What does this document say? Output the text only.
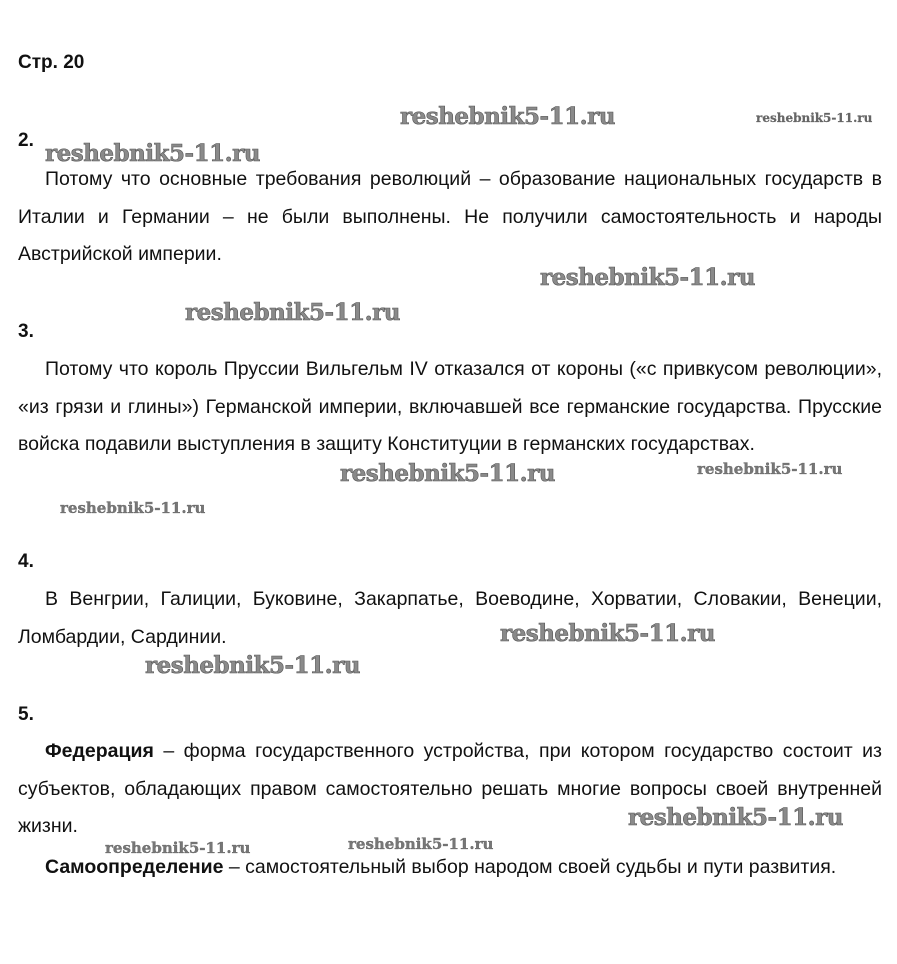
Стр. 20
2.
Потому что основные требования революций – образование национальных государств в Италии и Германии – не были выполнены. Не получили самостоятельность и народы Австрийской империи.
3.
Потому что король Пруссии Вильгельм IV отказался от короны («с привкусом революции», «из грязи и глины») Германской империи, включавшей все германские государства. Прусские войска подавили выступления в защиту Конституции в германских государствах.
4.
В Венгрии, Галиции, Буковине, Закарпатье, Воеводине, Хорватии, Словакии, Венеции, Ломбардии, Сардинии.
5.
Федерация – форма государственного устройства, при котором государство состоит из субъектов, обладающих правом самостоятельно решать многие вопросы своей внутренней жизни.
Самоопределение – самостоятельный выбор народом своей судьбы и пути развития.
reshebnik5-11.ru	reshebnik5-11.ru
reshebnik5-11.ru
reshebnik5-11.ru
reshebnik5-11.ru
reshebnik5-11.ru	reshebnik5-11.ru
reshebnik5-11.ru
reshebnik5-11.ru
reshebnik5-11.ru
reshebnik5-11.ru
reshebnik5-11.ru	reshebnik5-11.ru
